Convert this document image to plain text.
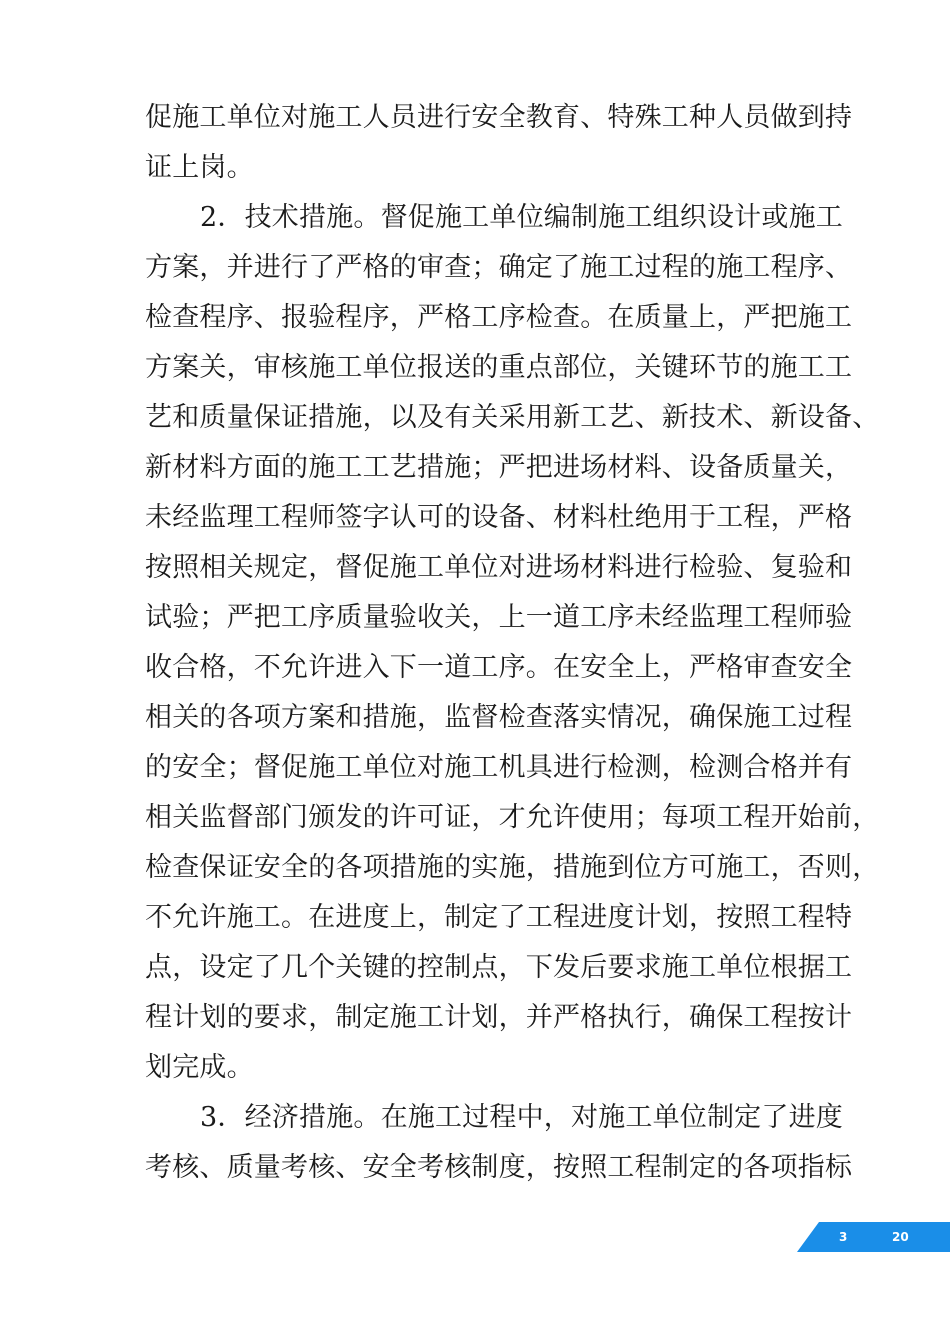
促施工单位对施工人员进行安全教育、特殊工种人员做到持
证上岗。
2．技术措施。督促施工单位编制施工组织设计或施工
方案，并进行了严格的审查；确定了施工过程的施工程序、
检查程序、报验程序，严格工序检查。在质量上，严把施工
方案关，审核施工单位报送的重点部位，关键环节的施工工
艺和质量保证措施，以及有关采用新工艺、新技术、新设备、
新材料方面的施工工艺措施；严把进场材料、设备质量关，
未经监理工程师签字认可的设备、材料杜绝用于工程，严格
按照相关规定，督促施工单位对进场材料进行检验、复验和
试验；严把工序质量验收关，上一道工序未经监理工程师验
收合格，不允许进入下一道工序。在安全上，严格审查安全
相关的各项方案和措施，监督检查落实情况，确保施工过程
的安全；督促施工单位对施工机具进行检测，检测合格并有
相关监督部门颁发的许可证，才允许使用；每项工程开始前，
检查保证安全的各项措施的实施，措施到位方可施工，否则，
不允许施工。在进度上，制定了工程进度计划，按照工程特
点，设定了几个关键的控制点，下发后要求施工单位根据工
程计划的要求，制定施工计划，并严格执行，确保工程按计
划完成。
3．经济措施。在施工过程中，对施工单位制定了进度
考核、质量考核、安全考核制度，按照工程制定的各项指标
3	20
